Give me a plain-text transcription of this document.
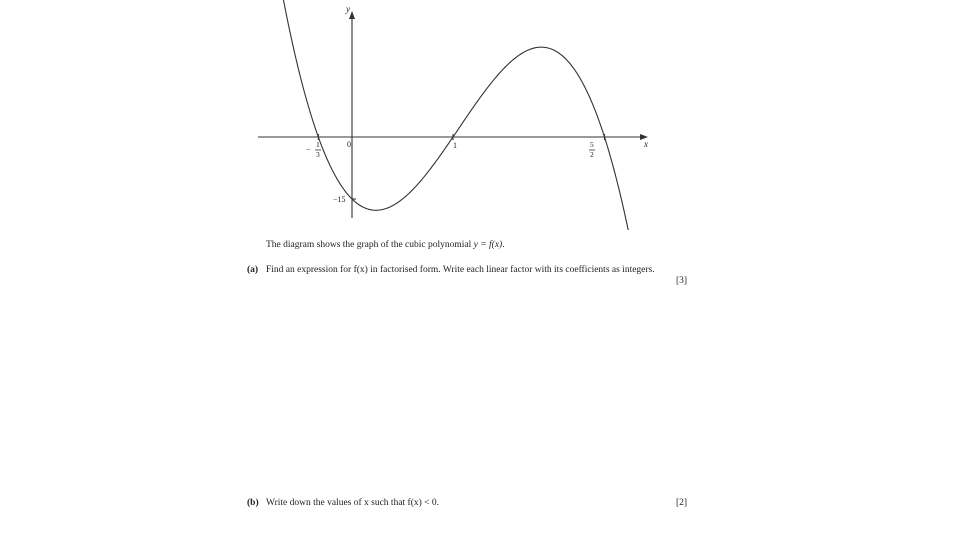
x
y
0
−
1
3
1	5
2
−15
The diagram shows the graph of the cubic polynomial y = f(x).
(a) Find an expression for f(x) in factorised form. Write each linear factor with its coefficients as integers.
[3]
(b) Write down the values of x such that f(x) < 0.	[2]
